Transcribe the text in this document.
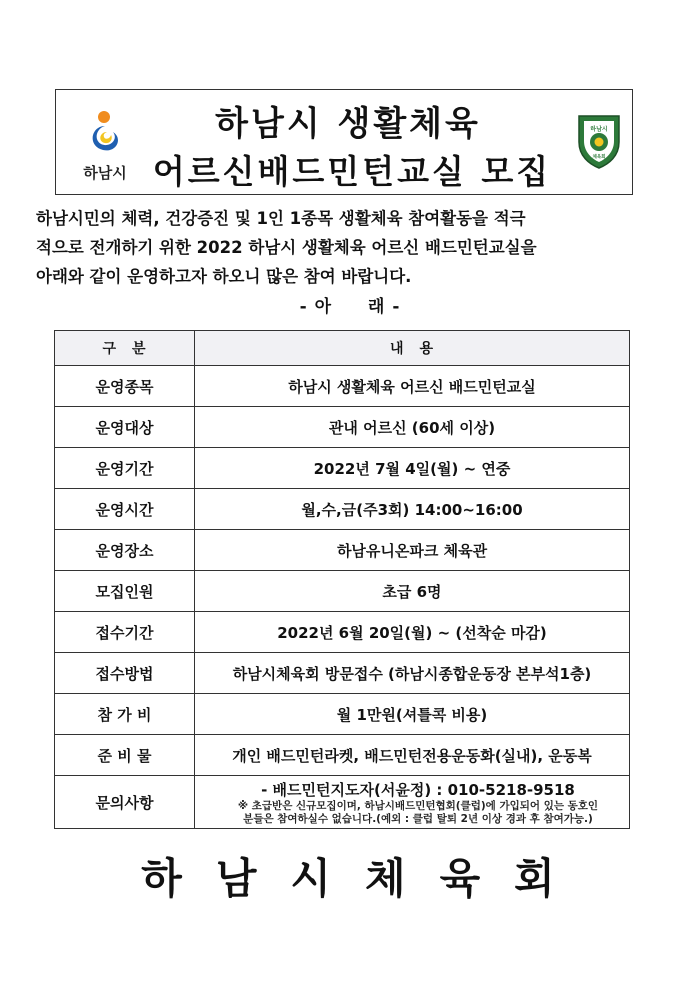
하남시
하남시 생활체육
어르신배드민턴교실 모집
하남시
체육회
하남시민의 체력, 건강증진 및 1인 1종목 생활체육 참여활동을 적극
적으로 전개하기 위한 2022 하남시 생활체육 어르신 배드민턴교실을
아래와 같이 운영하고자 하오니 많은 참여 바랍니다.
- 아　　래 -
구　분	내　용
운영종목	하남시 생활체육 어르신 배드민턴교실
운영대상	관내 어르신 (60세 이상)
운영기간	2022년 7월 4일(월) ~ 연중
운영시간	월,수,금(주3회) 14:00~16:00
운영장소	하남유니온파크 체육관
모집인원	초급 6명
접수기간	2022년 6월 20일(월) ~ (선착순 마감)
접수방법	하남시체육회 방문접수 (하남시종합운동장 본부석1층)
참 가 비	월 1만원(셔틀콕 비용)
준 비 물	개인 배드민턴라켓, 배드민턴전용운동화(실내), 운동복
문의사항	- 배드민턴지도자(서윤정) : 010-5218-9518
※ 초급반은 신규모집이며, 하남시배드민턴협회(클럽)에 가입되어 있는 동호인
분들은 참여하실수 없습니다.(예외 : 클럽 탈퇴 2년 이상 경과 후 참여가능.)
하남시체육회
